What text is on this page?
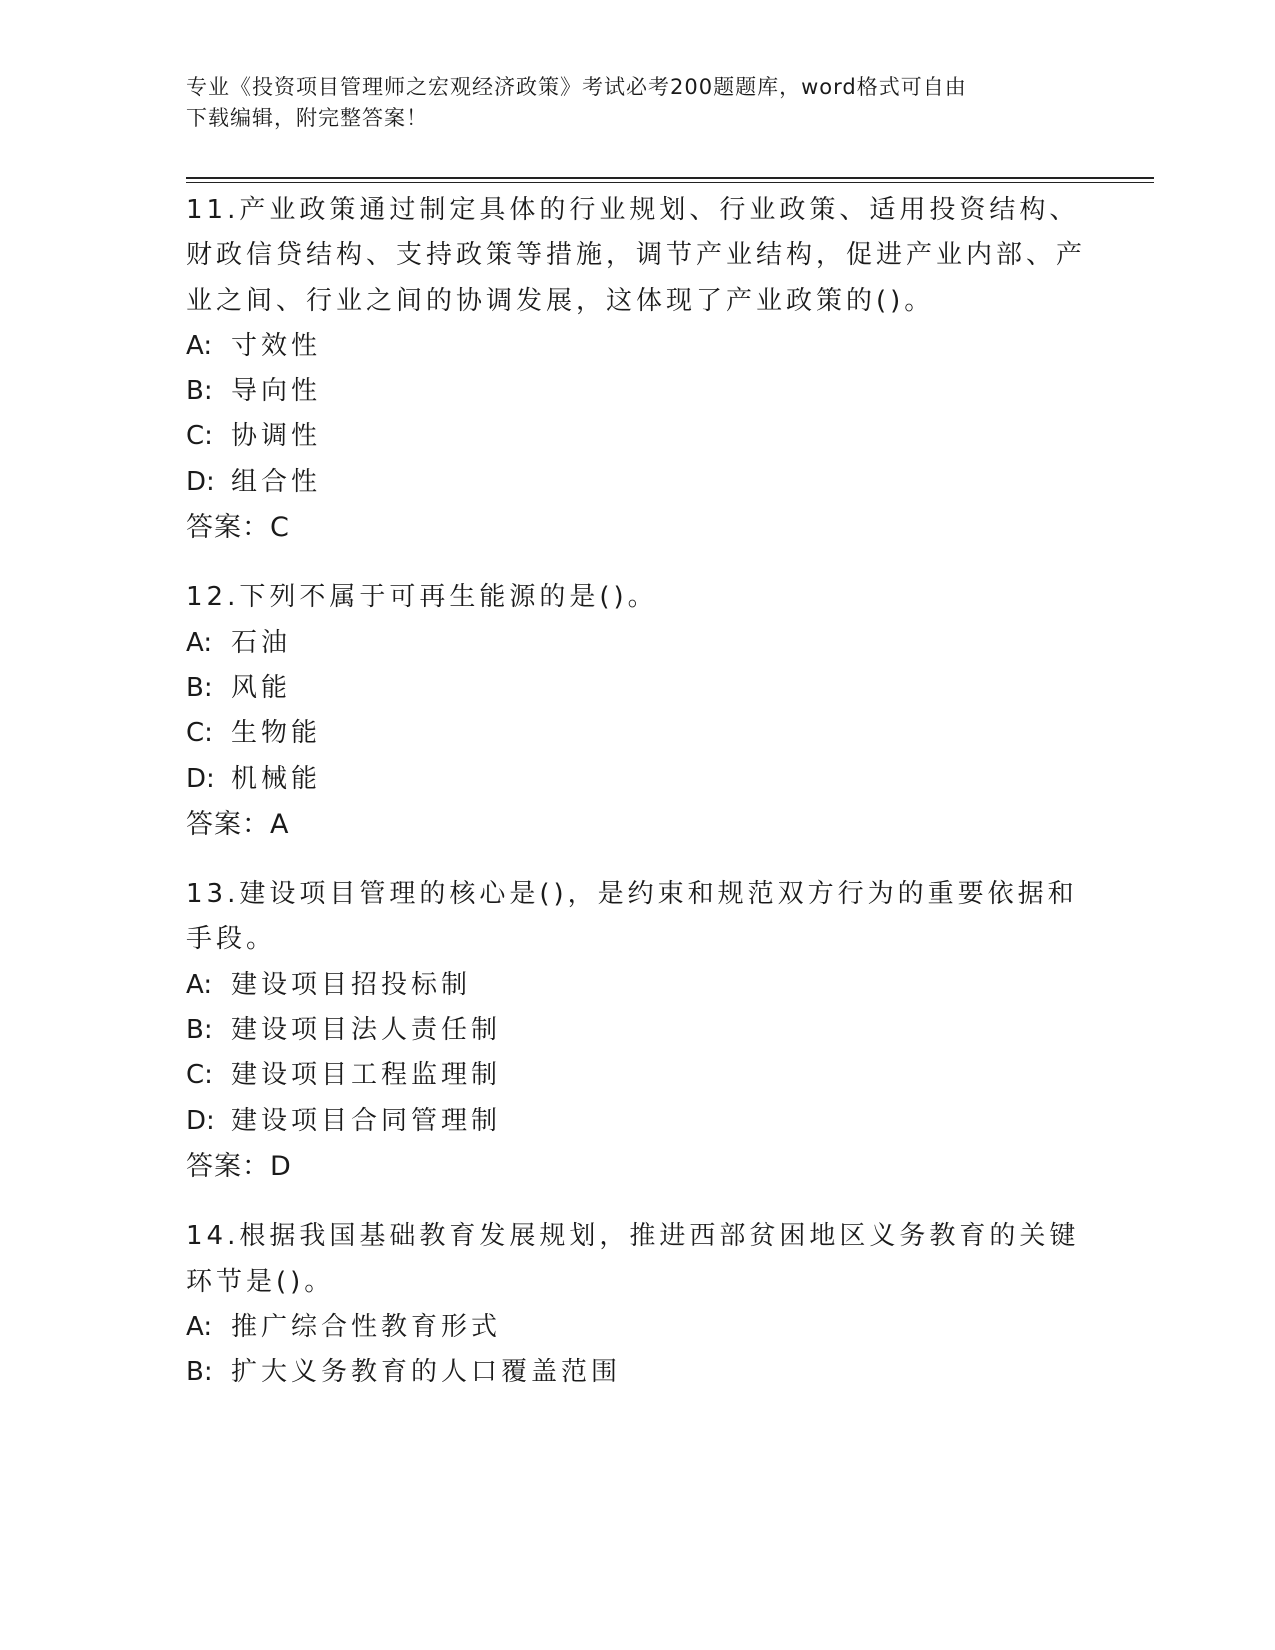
专业《投资项目管理师之宏观经济政策》考试必考200题题库，word格式可自由
下载编辑，附完整答案！

11.产业政策通过制定具体的行业规划、行业政策、适用投资结构、财政信贷结构、支持政策等措施，调节产业结构，促进产业内部、产业之间、行业之间的协调发展，这体现了产业政策的()。

A: 寸效性

B: 导向性

C: 协调性

D: 组合性

答案：C

12.下列不属于可再生能源的是()。

A: 石油

B: 风能

C: 生物能

D: 机械能

答案：A

13.建设项目管理的核心是()，是约束和规范双方行为的重要依据和手段。

A: 建设项目招投标制

B: 建设项目法人责任制

C: 建设项目工程监理制

D: 建设项目合同管理制

答案：D

14.根据我国基础教育发展规划，推进西部贫困地区义务教育的关键环节是()。

A: 推广综合性教育形式

B: 扩大义务教育的人口覆盖范围
